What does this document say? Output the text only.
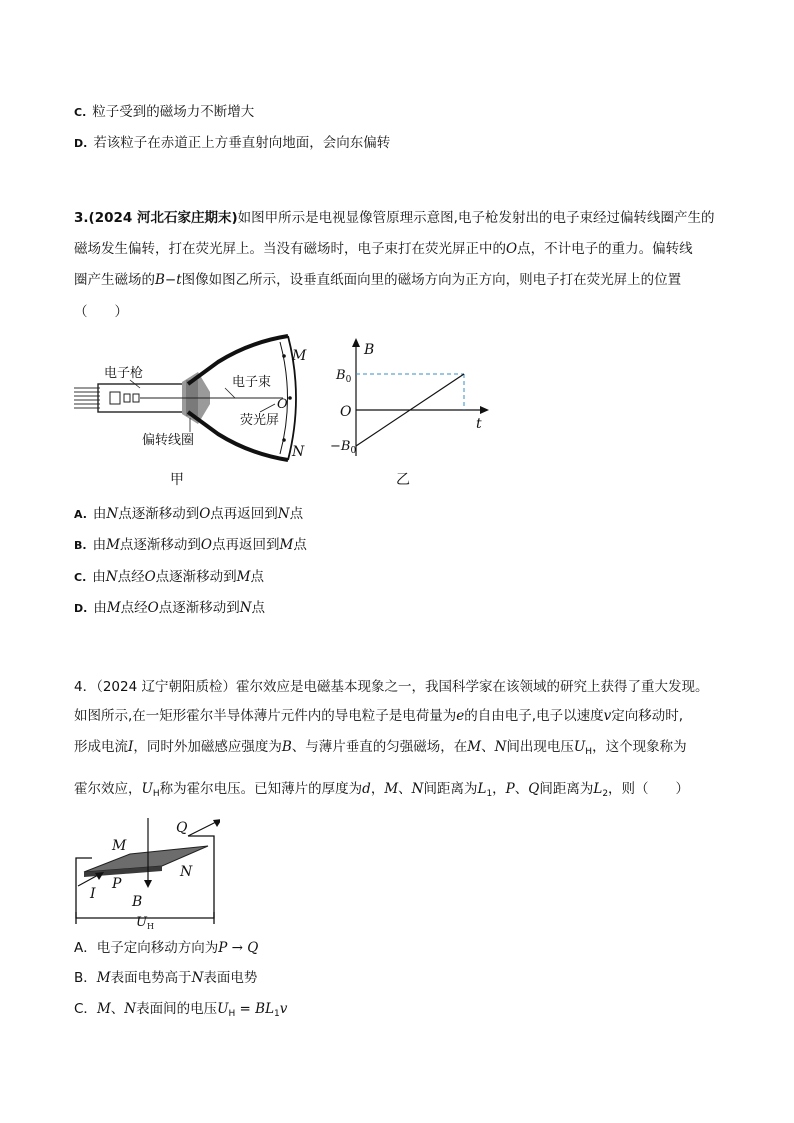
C. 粒子受到的磁场力不断增大
D. 若该粒子在赤道正上方垂直射向地面，会向东偏转
3.(2024 河北石家庄期末)如图甲所示是电视显像管原理示意图,电子枪发射出的电子束经过偏转线圈产生的
磁场发生偏转，打在荧光屏上。当没有磁场时，电子束打在荧光屏正中的O点，不计电子的重力。偏转线
圈产生磁场的B−t图像如图乙所示，设垂直纸面向里的磁场方向为正方向，则电子打在荧光屏上的位置
（　　）
电子枪
电子束
荧光屏
偏转线圈
M
O
N
甲
B
t
O
$B_0$
$-B_0$
乙
A. 由N点逐渐移动到O点再返回到N点
B. 由M点逐渐移动到O点再返回到M点
C. 由N点经O点逐渐移动到M点
D. 由M点经O点逐渐移动到N点
4．（2024 辽宁朝阳质检）霍尔效应是电磁基本现象之一，我国科学家在该领域的研究上获得了重大发现。
如图所示,在一矩形霍尔半导体薄片元件内的导电粒子是电荷量为e的自由电子,电子以速度v定向移动时,
形成电流I，同时外加磁感应强度为B、与薄片垂直的匀强磁场，在M、N间出现电压$U_H$，这个现象称为
霍尔效应，$U_H$称为霍尔电压。已知薄片的厚度为d，M、N间距离为$L_1$，P、Q间距离为$L_2$，则（　　）
M
Q
N
P
I	B
$U_H$
A．电子定向移动方向为P → Q
B．M表面电势高于N表面电势
C．M、N表面间的电压$U_H = BL_1v$
